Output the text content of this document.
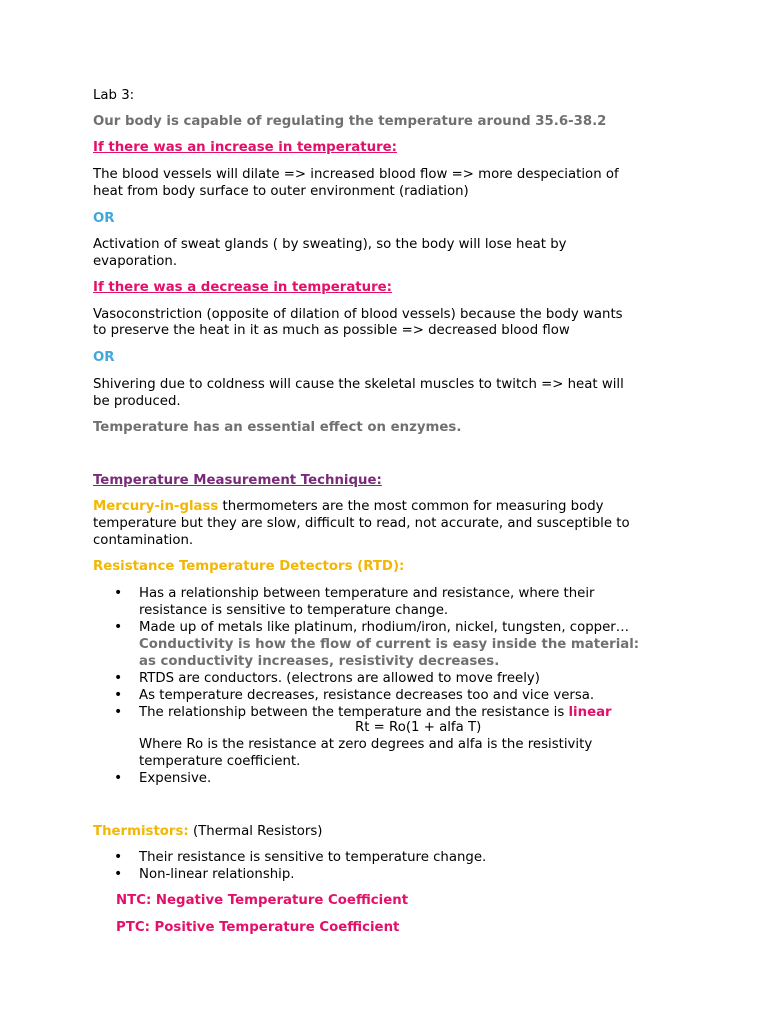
Lab 3:
Our body is capable of regulating the temperature around 35.6-38.2
If there was an increase in temperature:
The blood vessels will dilate => increased blood flow => more despeciation of
heat from body surface to outer environment (radiation)
OR
Activation of sweat glands ( by sweating), so the body will lose heat by
evaporation.
If there was a decrease in temperature:
Vasoconstriction (opposite of dilation of blood vessels) because the body wants
to preserve the heat in it as much as possible => decreased blood flow
OR
Shivering due to coldness will cause the skeletal muscles to twitch => heat will
be produced.
Temperature has an essential effect on enzymes.
Temperature Measurement Technique:
Mercury-in-glass thermometers are the most common for measuring body
temperature but they are slow, difficult to read, not accurate, and susceptible to
contamination.
Resistance Temperature Detectors (RTD):
• Has a relationship between temperature and resistance, where their
resistance is sensitive to temperature change.
• Made up of metals like platinum, rhodium/iron, nickel, tungsten, copper…
Conductivity is how the flow of current is easy inside the material:
as conductivity increases, resistivity decreases.
• RTDS are conductors. (electrons are allowed to move freely)
• As temperature decreases, resistance decreases too and vice versa.
• The relationship between the temperature and the resistance is linear
Rt = Ro(1 + alfa T)
Where Ro is the resistance at zero degrees and alfa is the resistivity
temperature coefficient.
• Expensive.
Thermistors: (Thermal Resistors)
• Their resistance is sensitive to temperature change.
• Non-linear relationship.
NTC: Negative Temperature Coefficient
PTC: Positive Temperature Coefficient
